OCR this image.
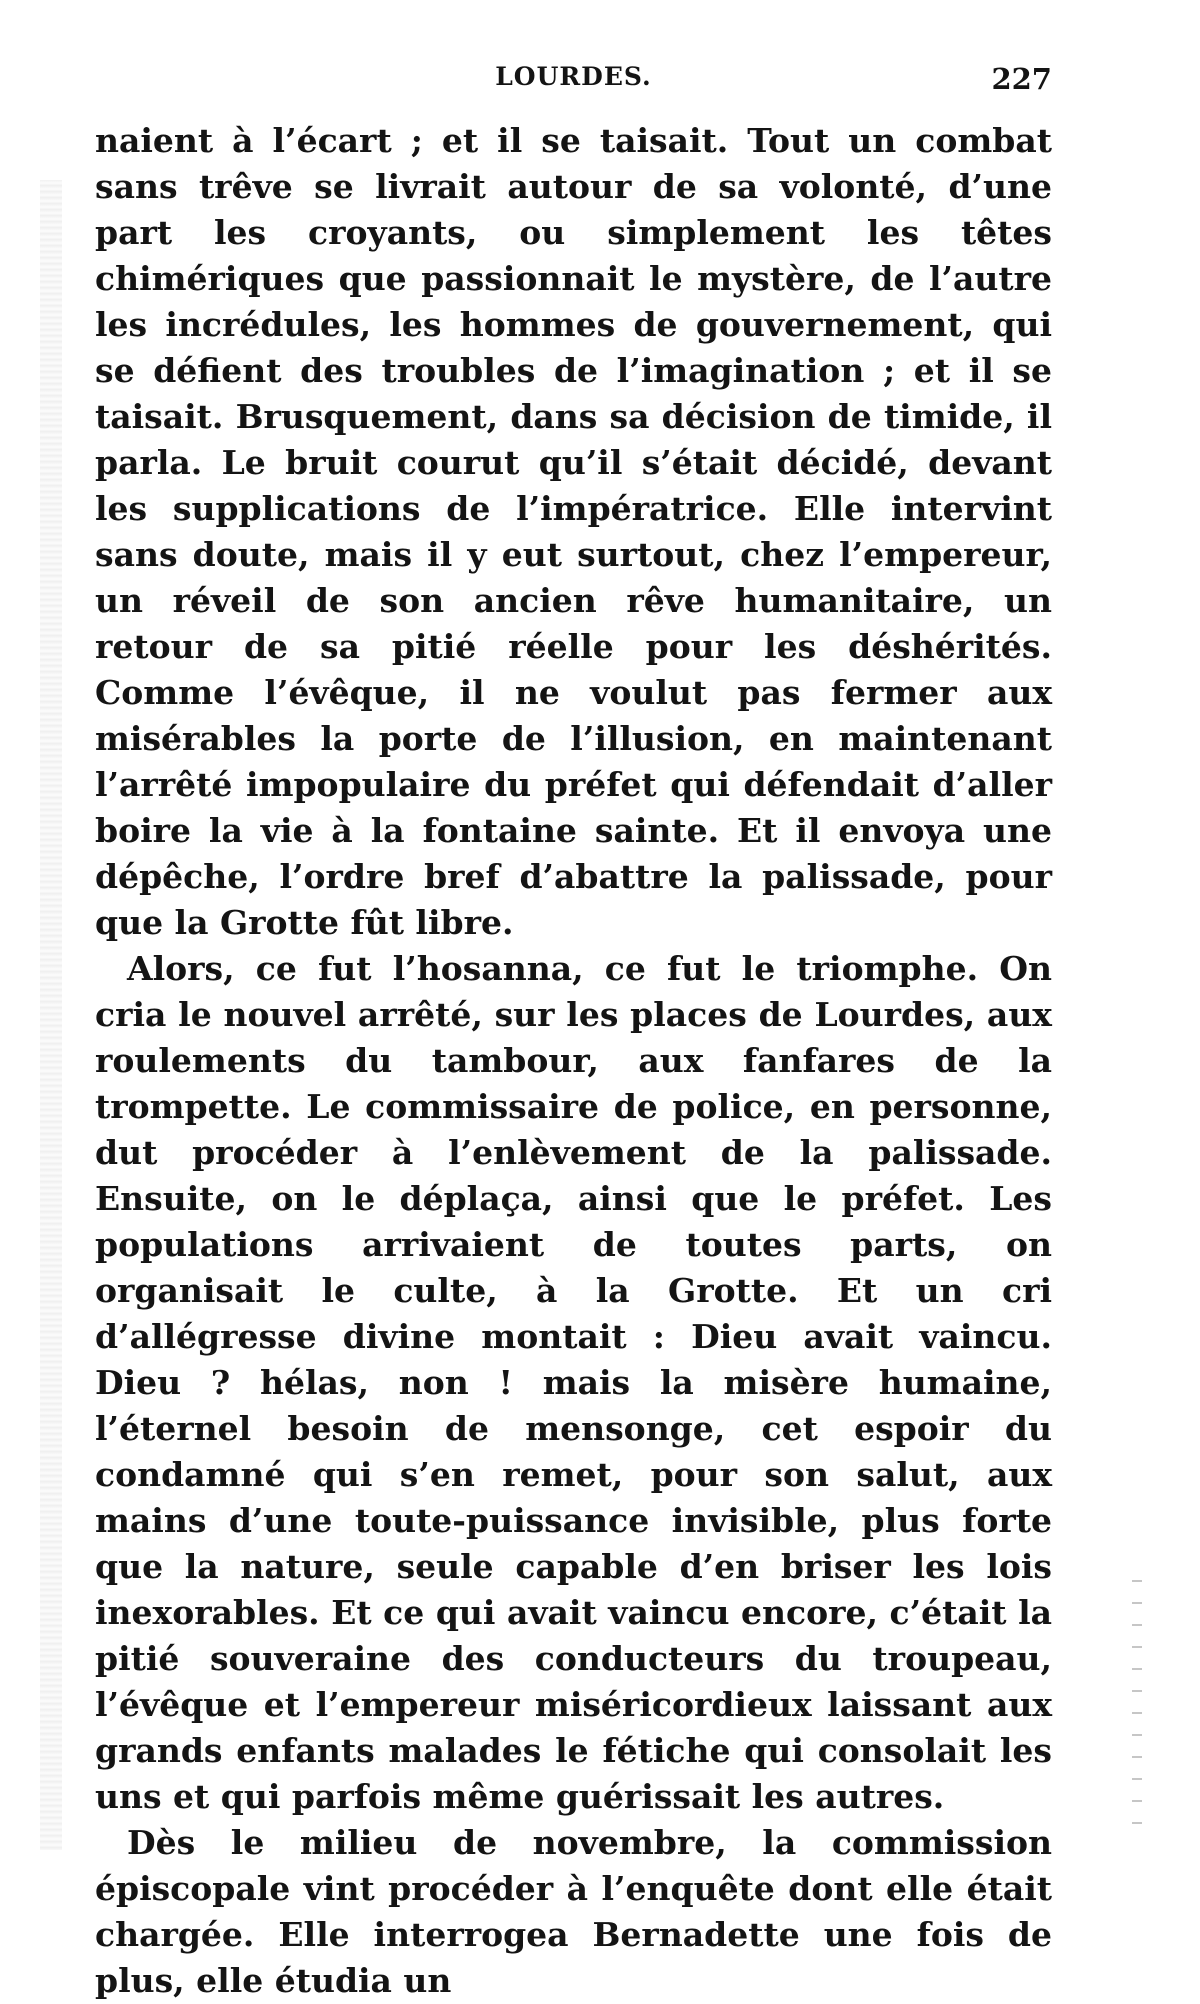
LOURDES.	227

naient à l’écart ; et il se taisait. Tout un combat sans trêve se livrait autour de sa volonté, d’une part les croyants, ou simplement les têtes chimériques que passionnait le mystère, de l’autre les incrédules, les hommes de gouvernement, qui se défient des troubles de l’imagination ; et il se taisait. Brusquement, dans sa décision de timide, il parla. Le bruit courut qu’il s’était décidé, devant les supplications de l’impératrice. Elle intervint sans doute, mais il y eut surtout, chez l’empereur, un réveil de son ancien rêve humanitaire, un retour de sa pitié réelle pour les déshérités. Comme l’évêque, il ne voulut pas fermer aux misérables la porte de l’illusion, en maintenant l’arrêté impopulaire du préfet qui défendait d’aller boire la vie à la fontaine sainte. Et il envoya une dépêche, l’ordre bref d’abattre la palissade, pour que la Grotte fût libre.

Alors, ce fut l’hosanna, ce fut le triomphe. On cria le nouvel arrêté, sur les places de Lourdes, aux roulements du tambour, aux fanfares de la trompette. Le commissaire de police, en personne, dut procéder à l’enlèvement de la palissade. Ensuite, on le déplaça, ainsi que le préfet. Les populations arrivaient de toutes parts, on organisait le culte, à la Grotte. Et un cri d’allégresse divine montait : Dieu avait vaincu. Dieu ? hélas, non ! mais la misère humaine, l’éternel besoin de mensonge, cet espoir du condamné qui s’en remet, pour son salut, aux mains d’une toute-puissance invisible, plus forte que la nature, seule capable d’en briser les lois inexorables. Et ce qui avait vaincu encore, c’était la pitié souveraine des conducteurs du troupeau, l’évêque et l’empereur miséricordieux laissant aux grands enfants malades le fétiche qui consolait les uns et qui parfois même guérissait les autres.

Dès le milieu de novembre, la commission épiscopale vint procéder à l’enquête dont elle était chargée. Elle interrogea Bernadette une fois de plus, elle étudia un
